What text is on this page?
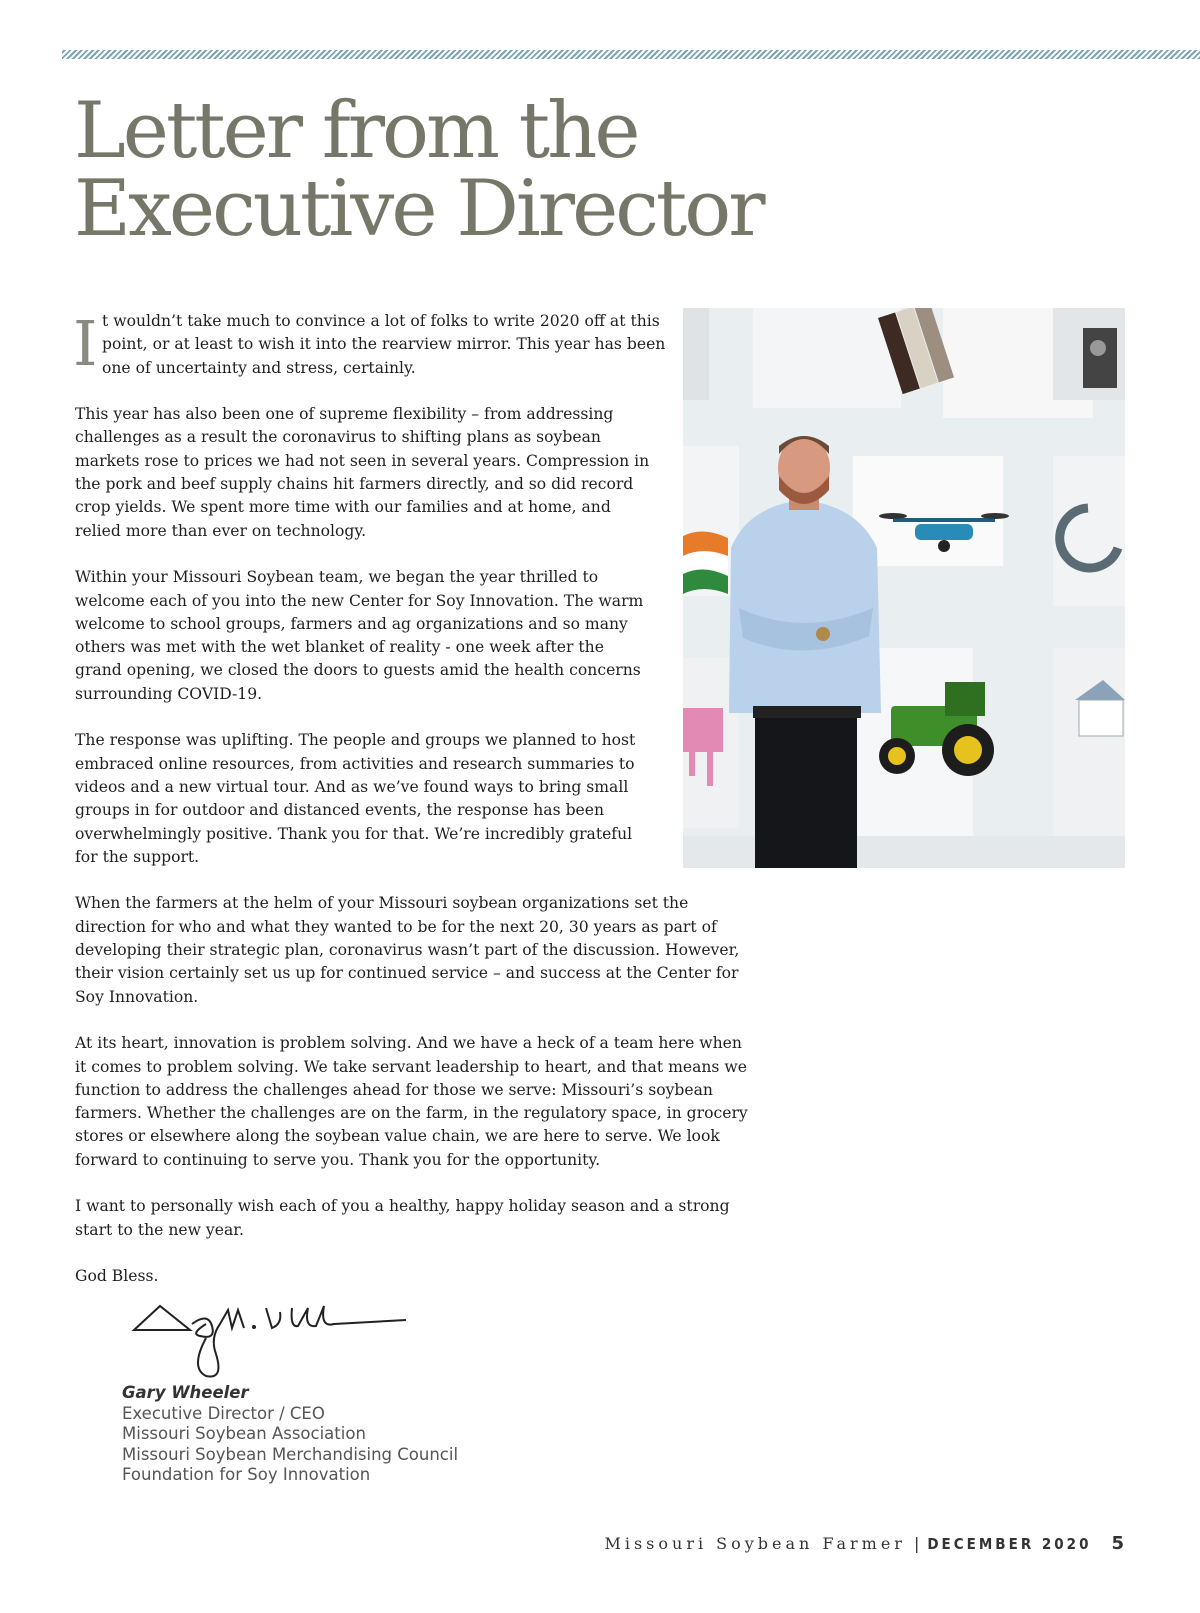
Letter from the
Executive Director

I t wouldn’t take much to convince a lot of folks to write 2020 off at this point, or at least to wish it into the rearview mirror. This year has been one of uncertainty and stress, certainly.

This year has also been one of supreme flexibility – from addressing challenges as a result the coronavirus to shifting plans as soybean markets rose to prices we had not seen in several years. Compression in the pork and beef supply chains hit farmers directly, and so did record crop yields. We spent more time with our families and at home, and relied more than ever on technology.

Within your Missouri Soybean team, we began the year thrilled to welcome each of you into the new Center for Soy Innovation. The warm welcome to school groups, farmers and ag organizations and so many others was met with the wet blanket of reality - one week after the grand opening, we closed the doors to guests amid the health concerns surrounding COVID-19.

The response was uplifting. The people and groups we planned to host embraced online resources, from activities and research summaries to videos and a new virtual tour. And as we’ve found ways to bring small groups in for outdoor and distanced events, the response has been overwhelmingly positive. Thank you for that. We’re incredibly grateful for the support.

When the farmers at the helm of your Missouri soybean organizations set the direction for who and what they wanted to be for the next 20, 30 years as part of developing their strategic plan, coronavirus wasn’t part of the discussion. However, their vision certainly set us up for continued service – and success at the Center for Soy Innovation.

At its heart, innovation is problem solving. And we have a heck of a team here when it comes to problem solving. We take servant leadership to heart, and that means we function to address the challenges ahead for those we serve: Missouri’s soybean farmers. Whether the challenges are on the farm, in the regulatory space, in grocery stores or elsewhere along the soybean value chain, we are here to serve. We look forward to continuing to serve you. Thank you for the opportunity.

I want to personally wish each of you a healthy, happy holiday season and a strong start to the new year.

God Bless.

Gary Wheeler
Executive Director / CEO
Missouri Soybean Association
Missouri Soybean Merchandising Council
Foundation for Soy Innovation
Missouri Soybean Farmer | DECEMBER 2020 5
